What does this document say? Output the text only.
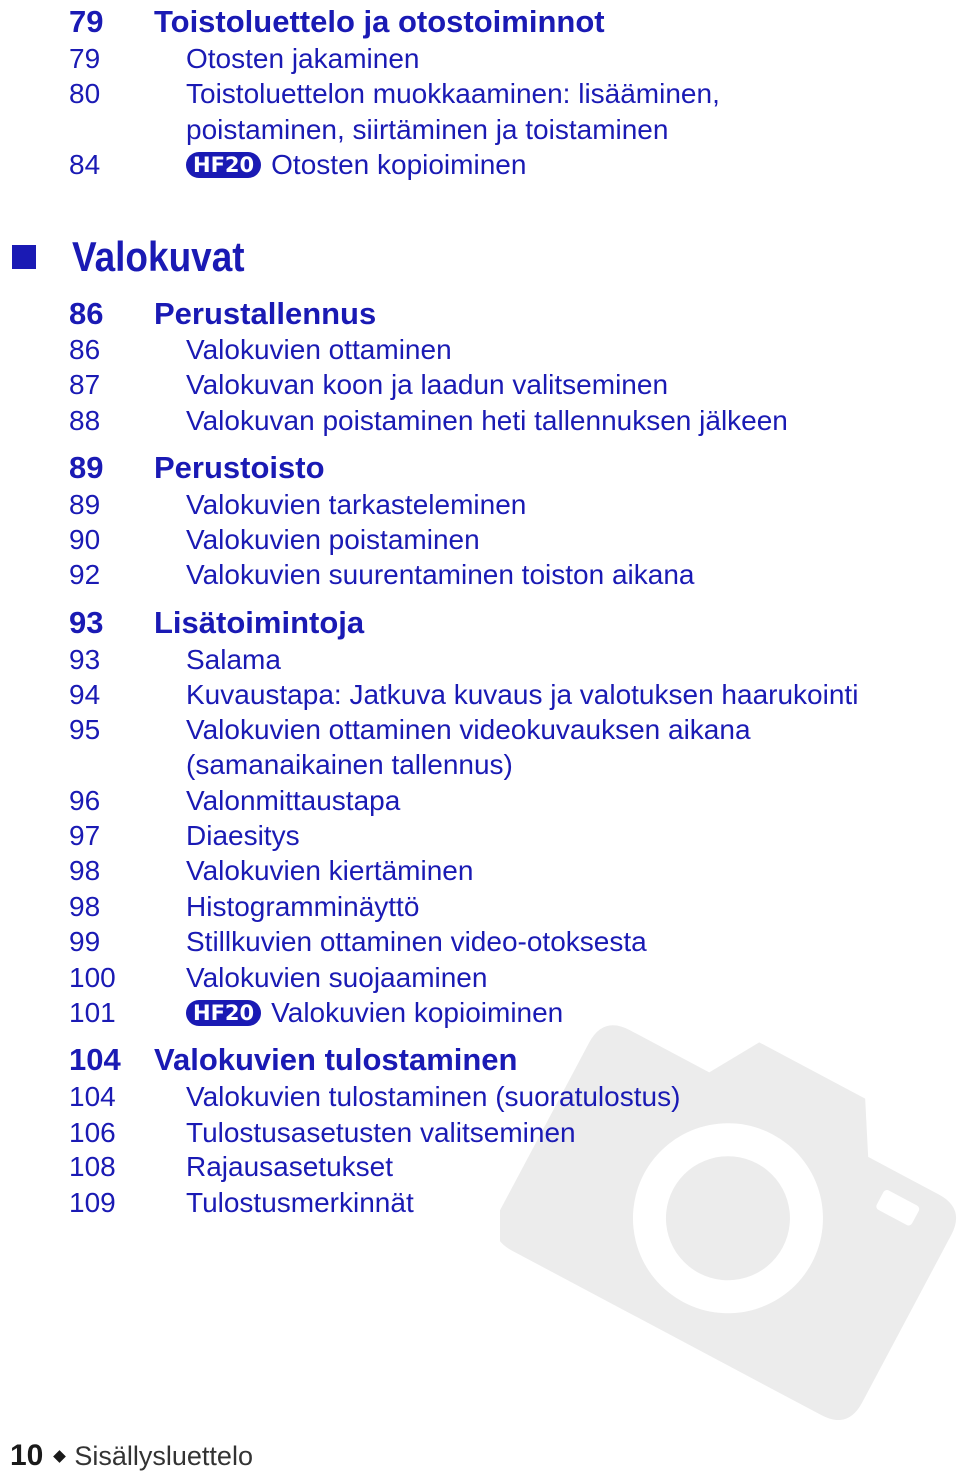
Valokuvat
79 Toistoluettelo ja otostoiminnot
79	Otosten jakaminen
80	Toistoluettelon muokkaaminen: lisääminen,
poistaminen, siirtäminen ja toistaminen
84	HF20 Otosten kopioiminen
86 Perustallennus
86	Valokuvien ottaminen
87	Valokuvan koon ja laadun valitseminen
88	Valokuvan poistaminen heti tallennuksen jälkeen
89 Perustoisto
89	Valokuvien tarkasteleminen
90	Valokuvien poistaminen
92	Valokuvien suurentaminen toiston aikana
93 Lisätoimintoja
93	Salama
94	Kuvaustapa: Jatkuva kuvaus ja valotuksen haarukointi
95	Valokuvien ottaminen videokuvauksen aikana
(samanaikainen tallennus)
96	Valonmittaustapa
97	Diaesitys
98	Valokuvien kiertäminen
98	Histogramminäyttö
99	Stillkuvien ottaminen video-otoksesta
100	Valokuvien suojaaminen
101	HF20 Valokuvien kopioiminen
104 Valokuvien tulostaminen
104	Valokuvien tulostaminen (suoratulostus)
106	Tulostusasetusten valitseminen
108	Rajausasetukset
109	Tulostusmerkinnät
10 Sisällysluettelo
